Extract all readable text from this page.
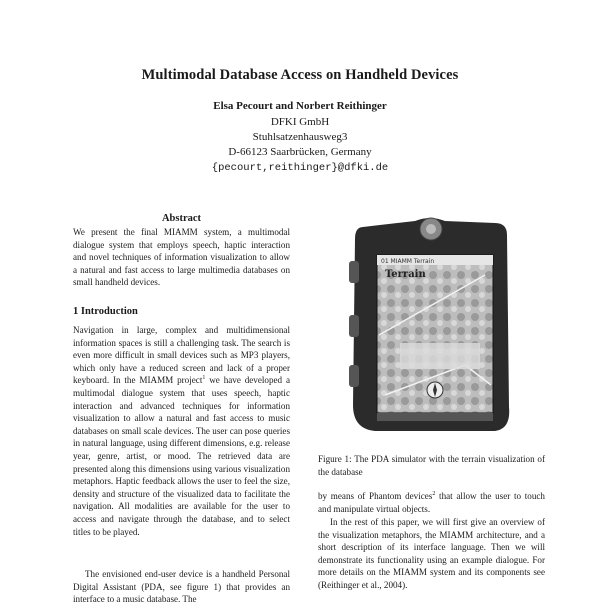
Multimodal Database Access on Handheld Devices
Elsa Pecourt and Norbert Reithinger
DFKI GmbH
Stuhlsatzenhausweg3
D-66123 Saarbrücken, Germany
{pecourt,reithinger}@dfki.de
Abstract
We present the final MIAMM system, a multimodal dialogue system that employs speech, haptic interaction and novel techniques of information visualization to allow a natural and fast access to large multimedia databases on small handheld devices.
1 Introduction
Navigation in large, complex and multidimensional information spaces is still a challenging task. The search is even more difficult in small devices such as MP3 players, which only have a reduced screen and lack of a proper keyboard. In the MIAMM project$^1$ we have developed a multimodal dialogue system that uses speech, haptic interaction and advanced techniques for information visualization to allow a natural and fast access to music databases on small scale devices. The user can pose queries in natural language, using different dimensions, e.g. release year, genre, artist, or mood. The retrieved data are presented along this dimensions using various visualization metaphors. Haptic feedback allows the user to feel the size, density and structure of the visualized data to facilitate the navigation. All modalities are available for the user to access and navigate through the database, and to select titles to be played.
The envisioned end-user device is a handheld Personal Digital Assistant (PDA, see figure 1) that provides an interface to a music database. The
01 MIAMM Terrain
Terrain
Figure 1: The PDA simulator with the terrain visualization of the database
by means of Phantom devices$^2$ that allow the user to touch and manipulate virtual objects.
In the rest of this paper, we will first give an overview of the visualization metaphors, the MIAMM architecture, and a short description of its interface language. Then we will demonstrate its functionality using an example dialogue. For more details on the MIAMM system and its components see (Reithinger et al., 2004).
